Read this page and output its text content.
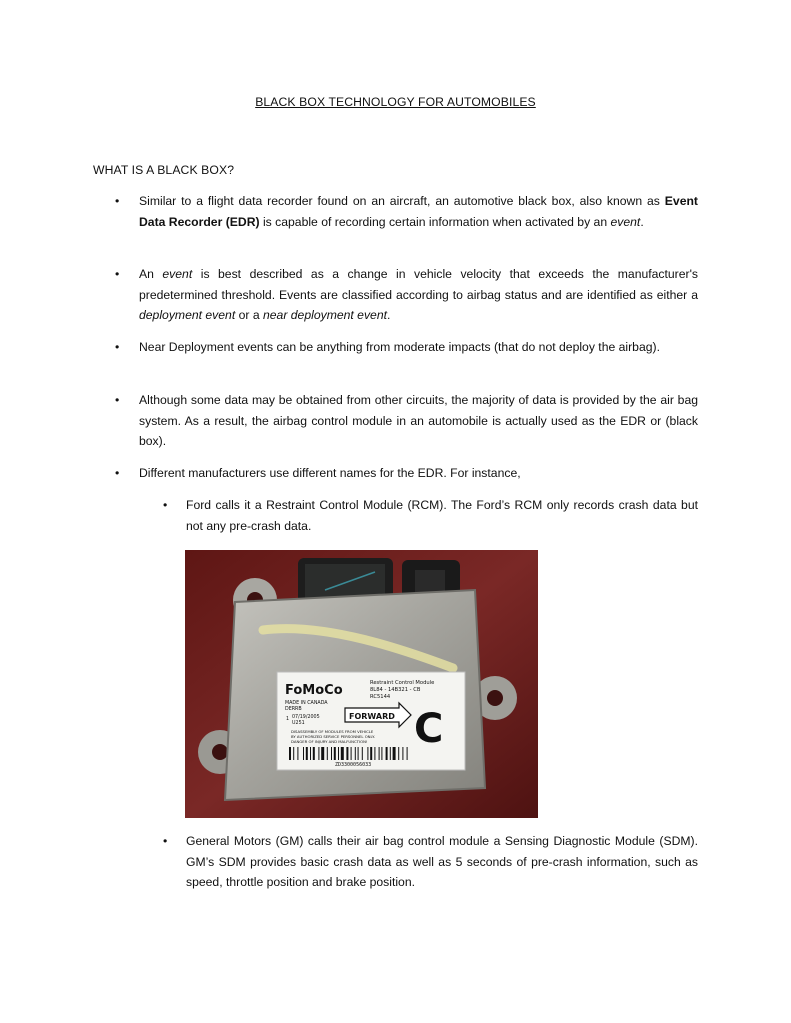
BLACK BOX TECHNOLOGY FOR AUTOMOBILES
WHAT IS A BLACK BOX?
• Similar to a flight data recorder found on an aircraft, an automotive black box, also known as Event Data Recorder (EDR) is capable of recording certain information when activated by an event.
• An event is best described as a change in vehicle velocity that exceeds the manufacturer's predetermined threshold. Events are classified according to airbag status and are identified as either a deployment event or a near deployment event.
• Near Deployment events can be anything from moderate impacts (that do not deploy the airbag).
• Although some data may be obtained from other circuits, the majority of data is provided by the air bag system. As a result, the airbag control module in an automobile is actually used as the EDR or (black box).
• Different manufacturers use different names for the EDR. For instance,
• Ford calls it a Restraint Control Module (RCM). The Ford’s RCM only records crash data but not any pre-crash data.
FoMoCo
MADE IN CANADA
DERRB
Restraint Control Module
8L84 - 14B321 - CB
RC5144
1 07/19/2005
U251
FORWARD C
DISASSEMBLY OF MODULES FROM VEHICLE
BY AUTHORIZED SERVICE PERSONNEL ONLY.
DANGER OF INJURY AND MALFUNCTION!
ZD3300056033
• General Motors (GM) calls their air bag control module a Sensing Diagnostic Module (SDM). GM’s SDM provides basic crash data as well as 5 seconds of pre-crash information, such as speed, throttle position and brake position.
